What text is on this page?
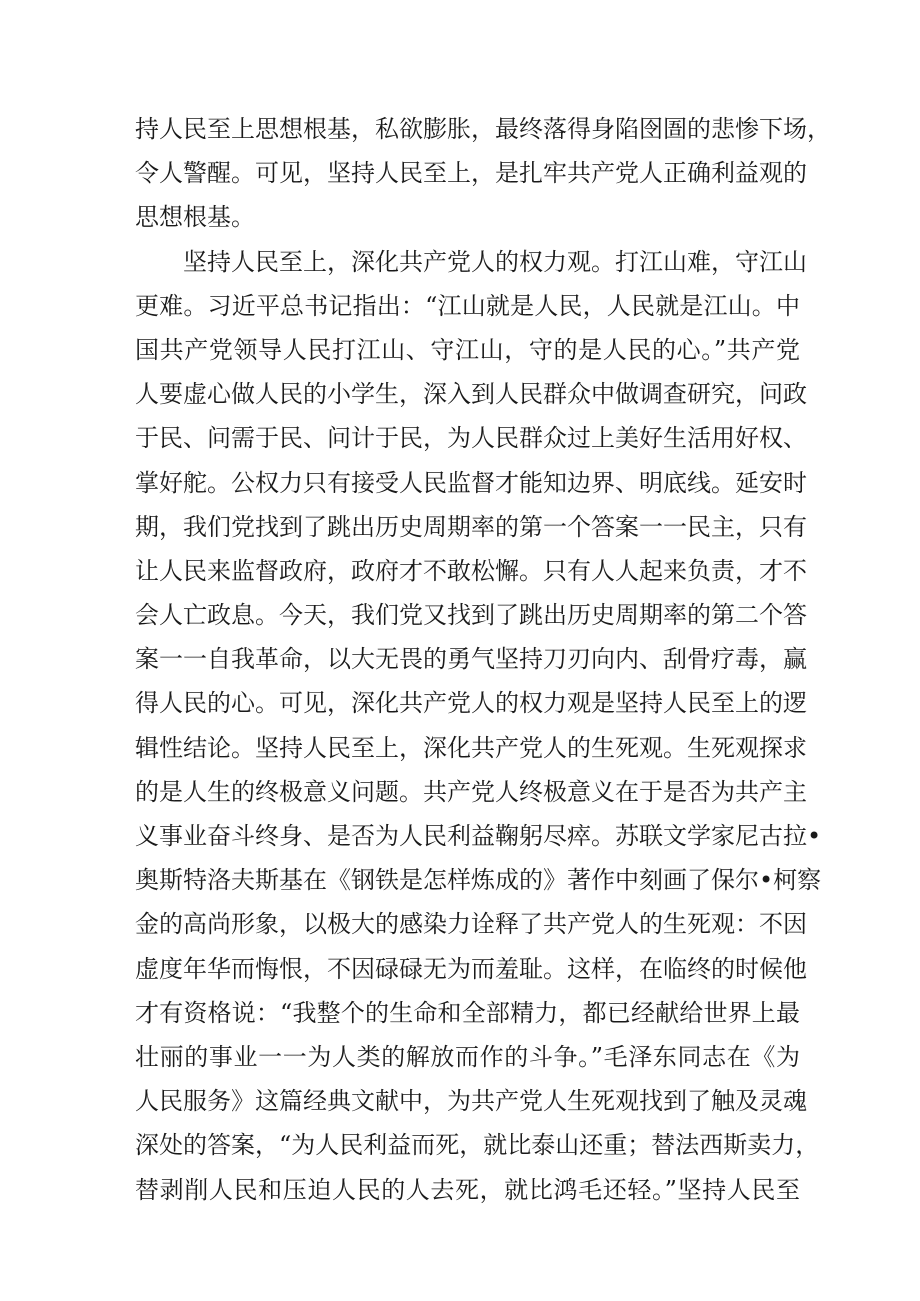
持人民至上思想根基，私欲膨胀，最终落得身陷囹圄的悲惨下场，
令人警醒。可见，坚持人民至上，是扎牢共产党人正确利益观的
思想根基。
坚持人民至上，深化共产党人的权力观。打江山难，守江山
更难。习近平总书记指出：“江山就是人民，人民就是江山。中
国共产党领导人民打江山、守江山，守的是人民的心。”共产党
人要虚心做人民的小学生，深入到人民群众中做调查研究，问政
于民、问需于民、问计于民，为人民群众过上美好生活用好权、
掌好舵。公权力只有接受人民监督才能知边界、明底线。延安时
期，我们党找到了跳出历史周期率的第一个答案一一民主，只有
让人民来监督政府，政府才不敢松懈。只有人人起来负责，才不
会人亡政息。今天，我们党又找到了跳出历史周期率的第二个答
案一一自我革命，以大无畏的勇气坚持刀刃向内、刮骨疗毒，赢
得人民的心。可见，深化共产党人的权力观是坚持人民至上的逻
辑性结论。坚持人民至上，深化共产党人的生死观。生死观探求
的是人生的终极意义问题。共产党人终极意义在于是否为共产主
义事业奋斗终身、是否为人民利益鞠躬尽瘁。苏联文学家尼古拉•
奥斯特洛夫斯基在《钢铁是怎样炼成的》著作中刻画了保尔•柯察
金的高尚形象，以极大的感染力诠释了共产党人的生死观：不因
虚度年华而悔恨，不因碌碌无为而羞耻。这样，在临终的时候他
才有资格说：“我整个的生命和全部精力，都已经献给世界上最
壮丽的事业一一为人类的解放而作的斗争。”毛泽东同志在《为
人民服务》这篇经典文献中，为共产党人生死观找到了触及灵魂
深处的答案，“为人民利益而死，就比泰山还重；替法西斯卖力，
替剥削人民和压迫人民的人去死，就比鸿毛还轻。”坚持人民至
